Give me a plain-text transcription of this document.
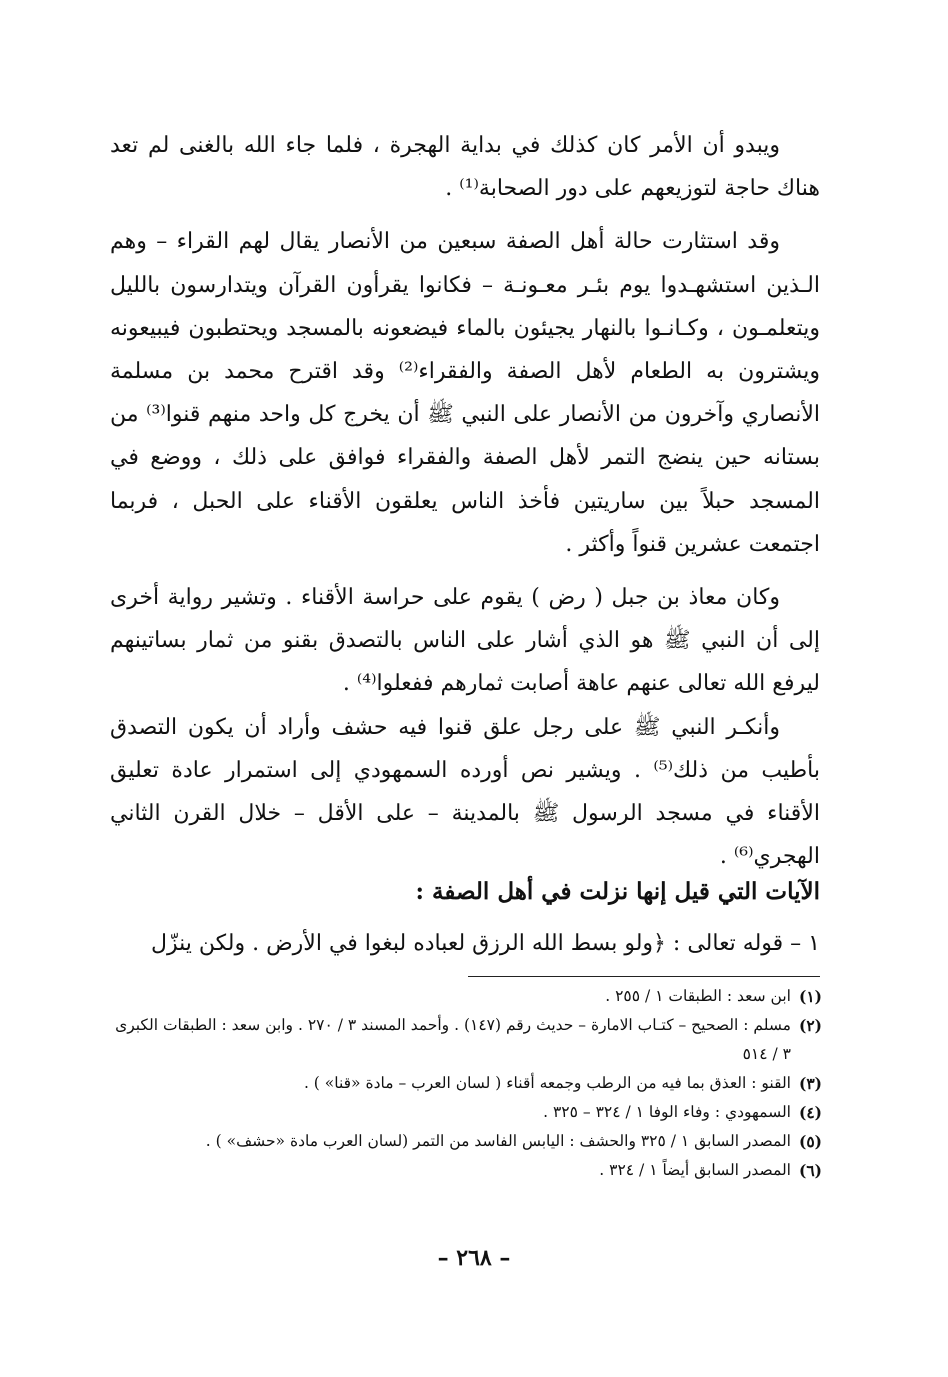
ويبدو أن الأمر كان كذلك في بداية الهجرة ، فلما جاء الله بالغنى لم تعد هناك حاجة لتوزيعهم على دور الصحابة⁽¹⁾ .

وقد استثارت حالة أهل الصفة سبعين من الأنصار يقال لهم القراء – وهم الـذين استشهـدوا يوم بئـر معـونـة – فكانوا يقرأون القرآن ويتدارسون بالليل ويتعلمـون ، وكـانـوا بالنهار يجيئون بالماء فيضعونه بالمسجد ويحتطبون فيبيعونه ويشترون به الطعام لأهل الصفة والفقراء⁽²⁾ وقد اقترح محمد بن مسلمة الأنصاري وآخرون من الأنصار على النبي ﷺ أن يخرج كل واحد منهم قنوا⁽³⁾ من بستانه حين ينضج التمر لأهل الصفة والفقراء فوافق على ذلك ، ووضع في المسجد حبلاً بين ساريتين فأخذ الناس يعلقون الأقناء على الحبل ، فربما اجتمعت عشرين قنواً وأكثر .

وكان معاذ بن جبل ( رض ) يقوم على حراسة الأقناء . وتشير رواية أخرى إلى أن النبي ﷺ هو الذي أشار على الناس بالتصدق بقنو من ثمار بساتينهم ليرفع الله تعالى عنهم عاهة أصابت ثمارهم ففعلوا⁽⁴⁾ .

وأنكـر النبي ﷺ على رجل علق قنوا فيه حشف وأراد أن يكون التصدق بأطيب من ذلك⁽⁵⁾ . ويشير نص أورده السمهودي إلى استمرار عادة تعليق الأقناء في مسجد الرسول ﷺ بالمدينة – على الأقل – خلال القرن الثاني الهجري⁽⁶⁾ .

الآيات التي قيل إنها نزلت في أهل الصفة :
١ – قوله تعالى : ﴿ولو بسط الله الرزق لعباده لبغوا في الأرض . ولكن ينزّل
(١)
ابن سعد : الطبقات ١ / ٢٥٥ .
(٢)
مسلم : الصحيح – كتـاب الامارة – حديث رقم (١٤٧) . وأحمد المسند ٣ / ٢٧٠ . وابن سعد : الطبقات الكبرى ٣ / ٥١٤
(٣)
القنو : العذق بما فيه من الرطب وجمعه أقناء ( لسان العرب – مادة «قنا» ) .
(٤)
السمهودي : وفاء الوفا ١ / ٣٢٤ – ٣٢٥ .
(٥)
المصدر السابق ١ / ٣٢٥ والحشف : اليابس الفاسد من التمر (لسان العرب مادة «حشف» ) .
(٦)
المصدر السابق أيضاً ١ / ٣٢٤ .
– ٢٦٨ –
